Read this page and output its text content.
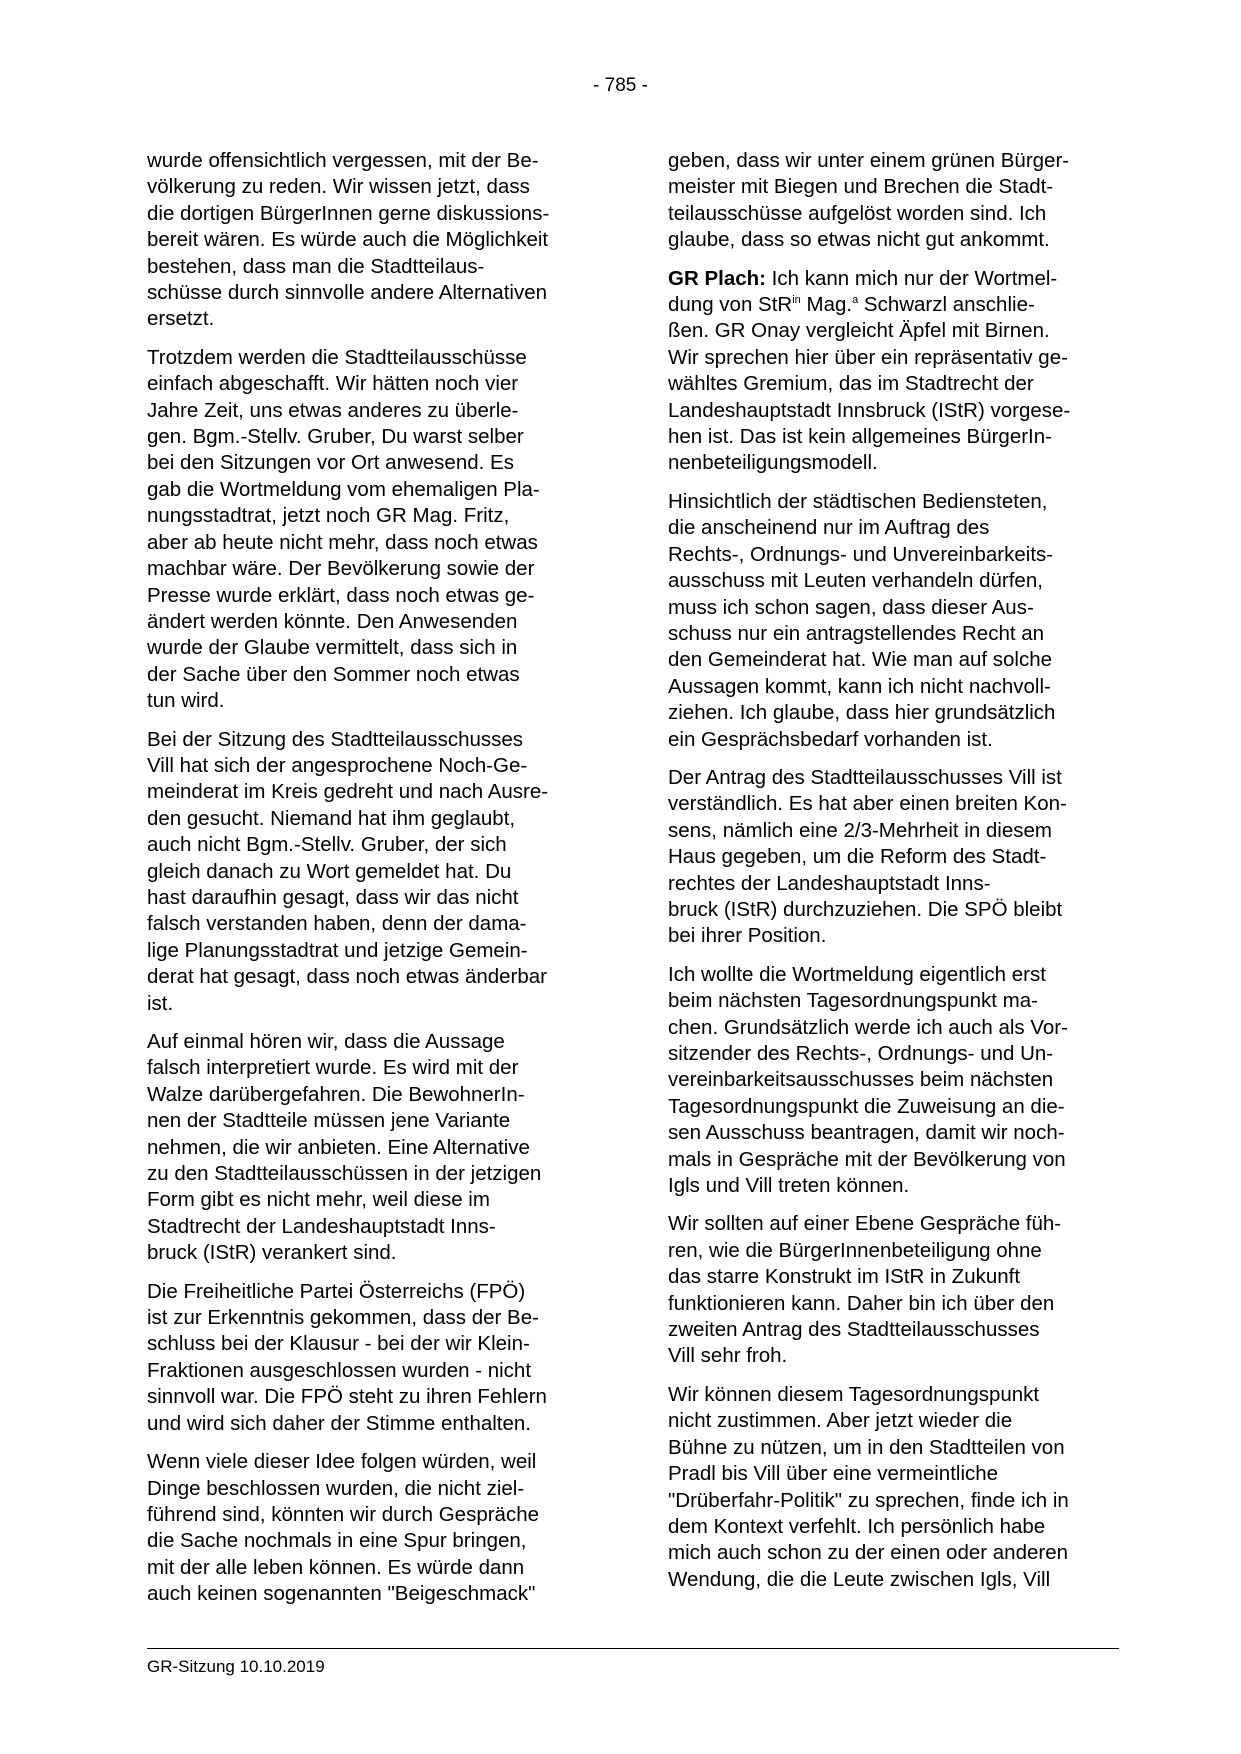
- 785 -

wurde offensichtlich vergessen, mit der Be-
völkerung zu reden. Wir wissen jetzt, dass
die dortigen BürgerInnen gerne diskussions-
bereit wären. Es würde auch die Möglichkeit
bestehen, dass man die Stadtteilaus-
schüsse durch sinnvolle andere Alternativen
ersetzt.

Trotzdem werden die Stadtteilausschüsse
einfach abgeschafft. Wir hätten noch vier
Jahre Zeit, uns etwas anderes zu überle-
gen. Bgm.-Stellv. Gruber, Du warst selber
bei den Sitzungen vor Ort anwesend. Es
gab die Wortmeldung vom ehemaligen Pla-
nungsstadtrat, jetzt noch GR Mag. Fritz,
aber ab heute nicht mehr, dass noch etwas
machbar wäre. Der Bevölkerung sowie der
Presse wurde erklärt, dass noch etwas ge-
ändert werden könnte. Den Anwesenden
wurde der Glaube vermittelt, dass sich in
der Sache über den Sommer noch etwas
tun wird.

Bei der Sitzung des Stadtteilausschusses
Vill hat sich der angesprochene Noch-Ge-
meinderat im Kreis gedreht und nach Ausre-
den gesucht. Niemand hat ihm geglaubt,
auch nicht Bgm.-Stellv. Gruber, der sich
gleich danach zu Wort gemeldet hat. Du
hast daraufhin gesagt, dass wir das nicht
falsch verstanden haben, denn der dama-
lige Planungsstadtrat und jetzige Gemein-
derat hat gesagt, dass noch etwas änderbar
ist.

Auf einmal hören wir, dass die Aussage
falsch interpretiert wurde. Es wird mit der
Walze darübergefahren. Die BewohnerIn-
nen der Stadtteile müssen jene Variante
nehmen, die wir anbieten. Eine Alternative
zu den Stadtteilausschüssen in der jetzigen
Form gibt es nicht mehr, weil diese im
Stadtrecht der Landeshauptstadt Inns-
bruck (IStR) verankert sind.

Die Freiheitliche Partei Österreichs (FPÖ)
ist zur Erkenntnis gekommen, dass der Be-
schluss bei der Klausur - bei der wir Klein-
Fraktionen ausgeschlossen wurden - nicht
sinnvoll war. Die FPÖ steht zu ihren Fehlern
und wird sich daher der Stimme enthalten.

Wenn viele dieser Idee folgen würden, weil
Dinge beschlossen wurden, die nicht ziel-
führend sind, könnten wir durch Gespräche
die Sache nochmals in eine Spur bringen,
mit der alle leben können. Es würde dann
auch keinen sogenannten "Beigeschmack"

geben, dass wir unter einem grünen Bürger-
meister mit Biegen und Brechen die Stadt-
teilausschüsse aufgelöst worden sind. Ich
glaube, dass so etwas nicht gut ankommt.

GR Plach: Ich kann mich nur der Wortmel-
dung von StR$^{in}$ Mag.$^a$ Schwarzl anschlie-
ßen. GR Onay vergleicht Äpfel mit Birnen.
Wir sprechen hier über ein repräsentativ ge-
wähltes Gremium, das im Stadtrecht der
Landeshauptstadt Innsbruck (IStR) vorgese-
hen ist. Das ist kein allgemeines BürgerIn-
nenbeteiligungsmodell.

Hinsichtlich der städtischen Bediensteten,
die anscheinend nur im Auftrag des
Rechts-, Ordnungs- und Unvereinbarkeits-
ausschuss mit Leuten verhandeln dürfen,
muss ich schon sagen, dass dieser Aus-
schuss nur ein antragstellendes Recht an
den Gemeinderat hat. Wie man auf solche
Aussagen kommt, kann ich nicht nachvoll-
ziehen. Ich glaube, dass hier grundsätzlich
ein Gesprächsbedarf vorhanden ist.

Der Antrag des Stadtteilausschusses Vill ist
verständlich. Es hat aber einen breiten Kon-
sens, nämlich eine 2/3-Mehrheit in diesem
Haus gegeben, um die Reform des Stadt-
rechtes der Landeshauptstadt Inns-
bruck (IStR) durchzuziehen. Die SPÖ bleibt
bei ihrer Position.

Ich wollte die Wortmeldung eigentlich erst
beim nächsten Tagesordnungspunkt ma-
chen. Grundsätzlich werde ich auch als Vor-
sitzender des Rechts-, Ordnungs- und Un-
vereinbarkeitsausschusses beim nächsten
Tagesordnungspunkt die Zuweisung an die-
sen Ausschuss beantragen, damit wir noch-
mals in Gespräche mit der Bevölkerung von
Igls und Vill treten können.

Wir sollten auf einer Ebene Gespräche füh-
ren, wie die BürgerInnenbeteiligung ohne
das starre Konstrukt im IStR in Zukunft
funktionieren kann. Daher bin ich über den
zweiten Antrag des Stadtteilausschusses
Vill sehr froh.

Wir können diesem Tagesordnungspunkt
nicht zustimmen. Aber jetzt wieder die
Bühne zu nützen, um in den Stadtteilen von
Pradl bis Vill über eine vermeintliche
"Drüberfahr-Politik" zu sprechen, finde ich in
dem Kontext verfehlt. Ich persönlich habe
mich auch schon zu der einen oder anderen
Wendung, die die Leute zwischen Igls, Vill

GR-Sitzung 10.10.2019
